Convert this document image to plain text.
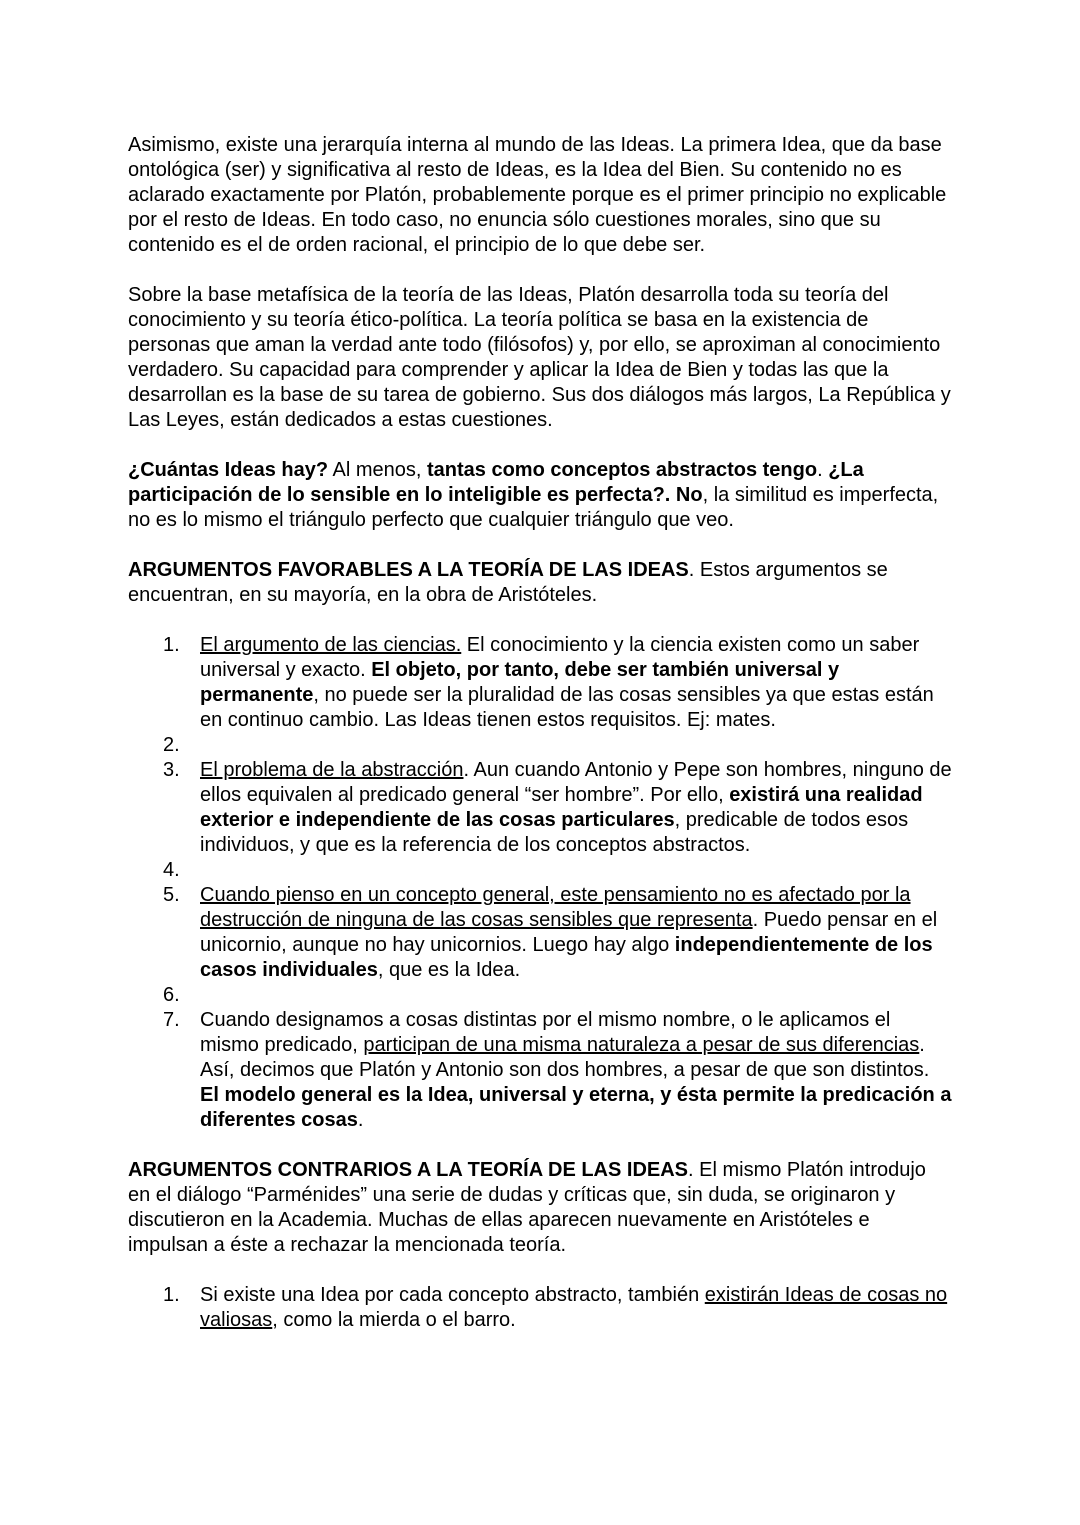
Asimismo, existe una jerarquía interna al mundo de las Ideas. La primera Idea, que da base ontológica (ser) y significativa al resto de Ideas, es la Idea del Bien. Su contenido no es aclarado exactamente por Platón, probablemente porque es el primer principio no explicable por el resto de Ideas. En todo caso, no enuncia sólo cuestiones morales, sino que su contenido es el de orden racional, el principio de lo que debe ser.

Sobre la base metafísica de la teoría de las Ideas, Platón desarrolla toda su teoría del conocimiento y su teoría ético-política. La teoría política se basa en la existencia de personas que aman la verdad ante todo (filósofos) y, por ello, se aproximan al conocimiento verdadero. Su capacidad para comprender y aplicar la Idea de Bien y todas las que la desarrollan es la base de su tarea de gobierno. Sus dos diálogos más largos, La República y Las Leyes, están dedicados a estas cuestiones.

¿Cuántas Ideas hay? Al menos, tantas como conceptos abstractos tengo. ¿La participación de lo sensible en lo inteligible es perfecta?. No, la similitud es imperfecta, no es lo mismo el triángulo perfecto que cualquier triángulo que veo.

ARGUMENTOS FAVORABLES A LA TEORÍA DE LAS IDEAS. Estos argumentos se encuentran, en su mayoría, en la obra de Aristóteles.

1.	El argumento de las ciencias. El conocimiento y la ciencia existen como un saber universal y exacto. El objeto, por tanto, debe ser también universal y permanente, no puede ser la pluralidad de las cosas sensibles ya que estas están en continuo cambio. Las Ideas tienen estos requisitos. Ej: mates.
2.
3.	El problema de la abstracción. Aun cuando Antonio y Pepe son hombres, ninguno de ellos equivalen al predicado general “ser hombre”. Por ello, existirá una realidad exterior e independiente de las cosas particulares, predicable de todos esos individuos, y que es la referencia de los conceptos abstractos.
4.
5.	Cuando pienso en un concepto general, este pensamiento no es afectado por la destrucción de ninguna de las cosas sensibles que representa. Puedo pensar en el unicornio, aunque no hay unicornios. Luego hay algo independientemente de los casos individuales, que es la Idea.
6.
7.	Cuando designamos a cosas distintas por el mismo nombre, o le aplicamos el mismo predicado, participan de una misma naturaleza a pesar de sus diferencias. Así, decimos que Platón y Antonio son dos hombres, a pesar de que son distintos. El modelo general es la Idea, universal y eterna, y ésta permite la predicación a diferentes cosas.

ARGUMENTOS CONTRARIOS A LA TEORÍA DE LAS IDEAS. El mismo Platón introdujo en el diálogo “Parménides” una serie de dudas y críticas que, sin duda, se originaron y discutieron en la Academia. Muchas de ellas aparecen nuevamente en Aristóteles e impulsan a éste a rechazar la mencionada teoría.

1.	Si existe una Idea por cada concepto abstracto, también existirán Ideas de cosas no valiosas, como la mierda o el barro.
